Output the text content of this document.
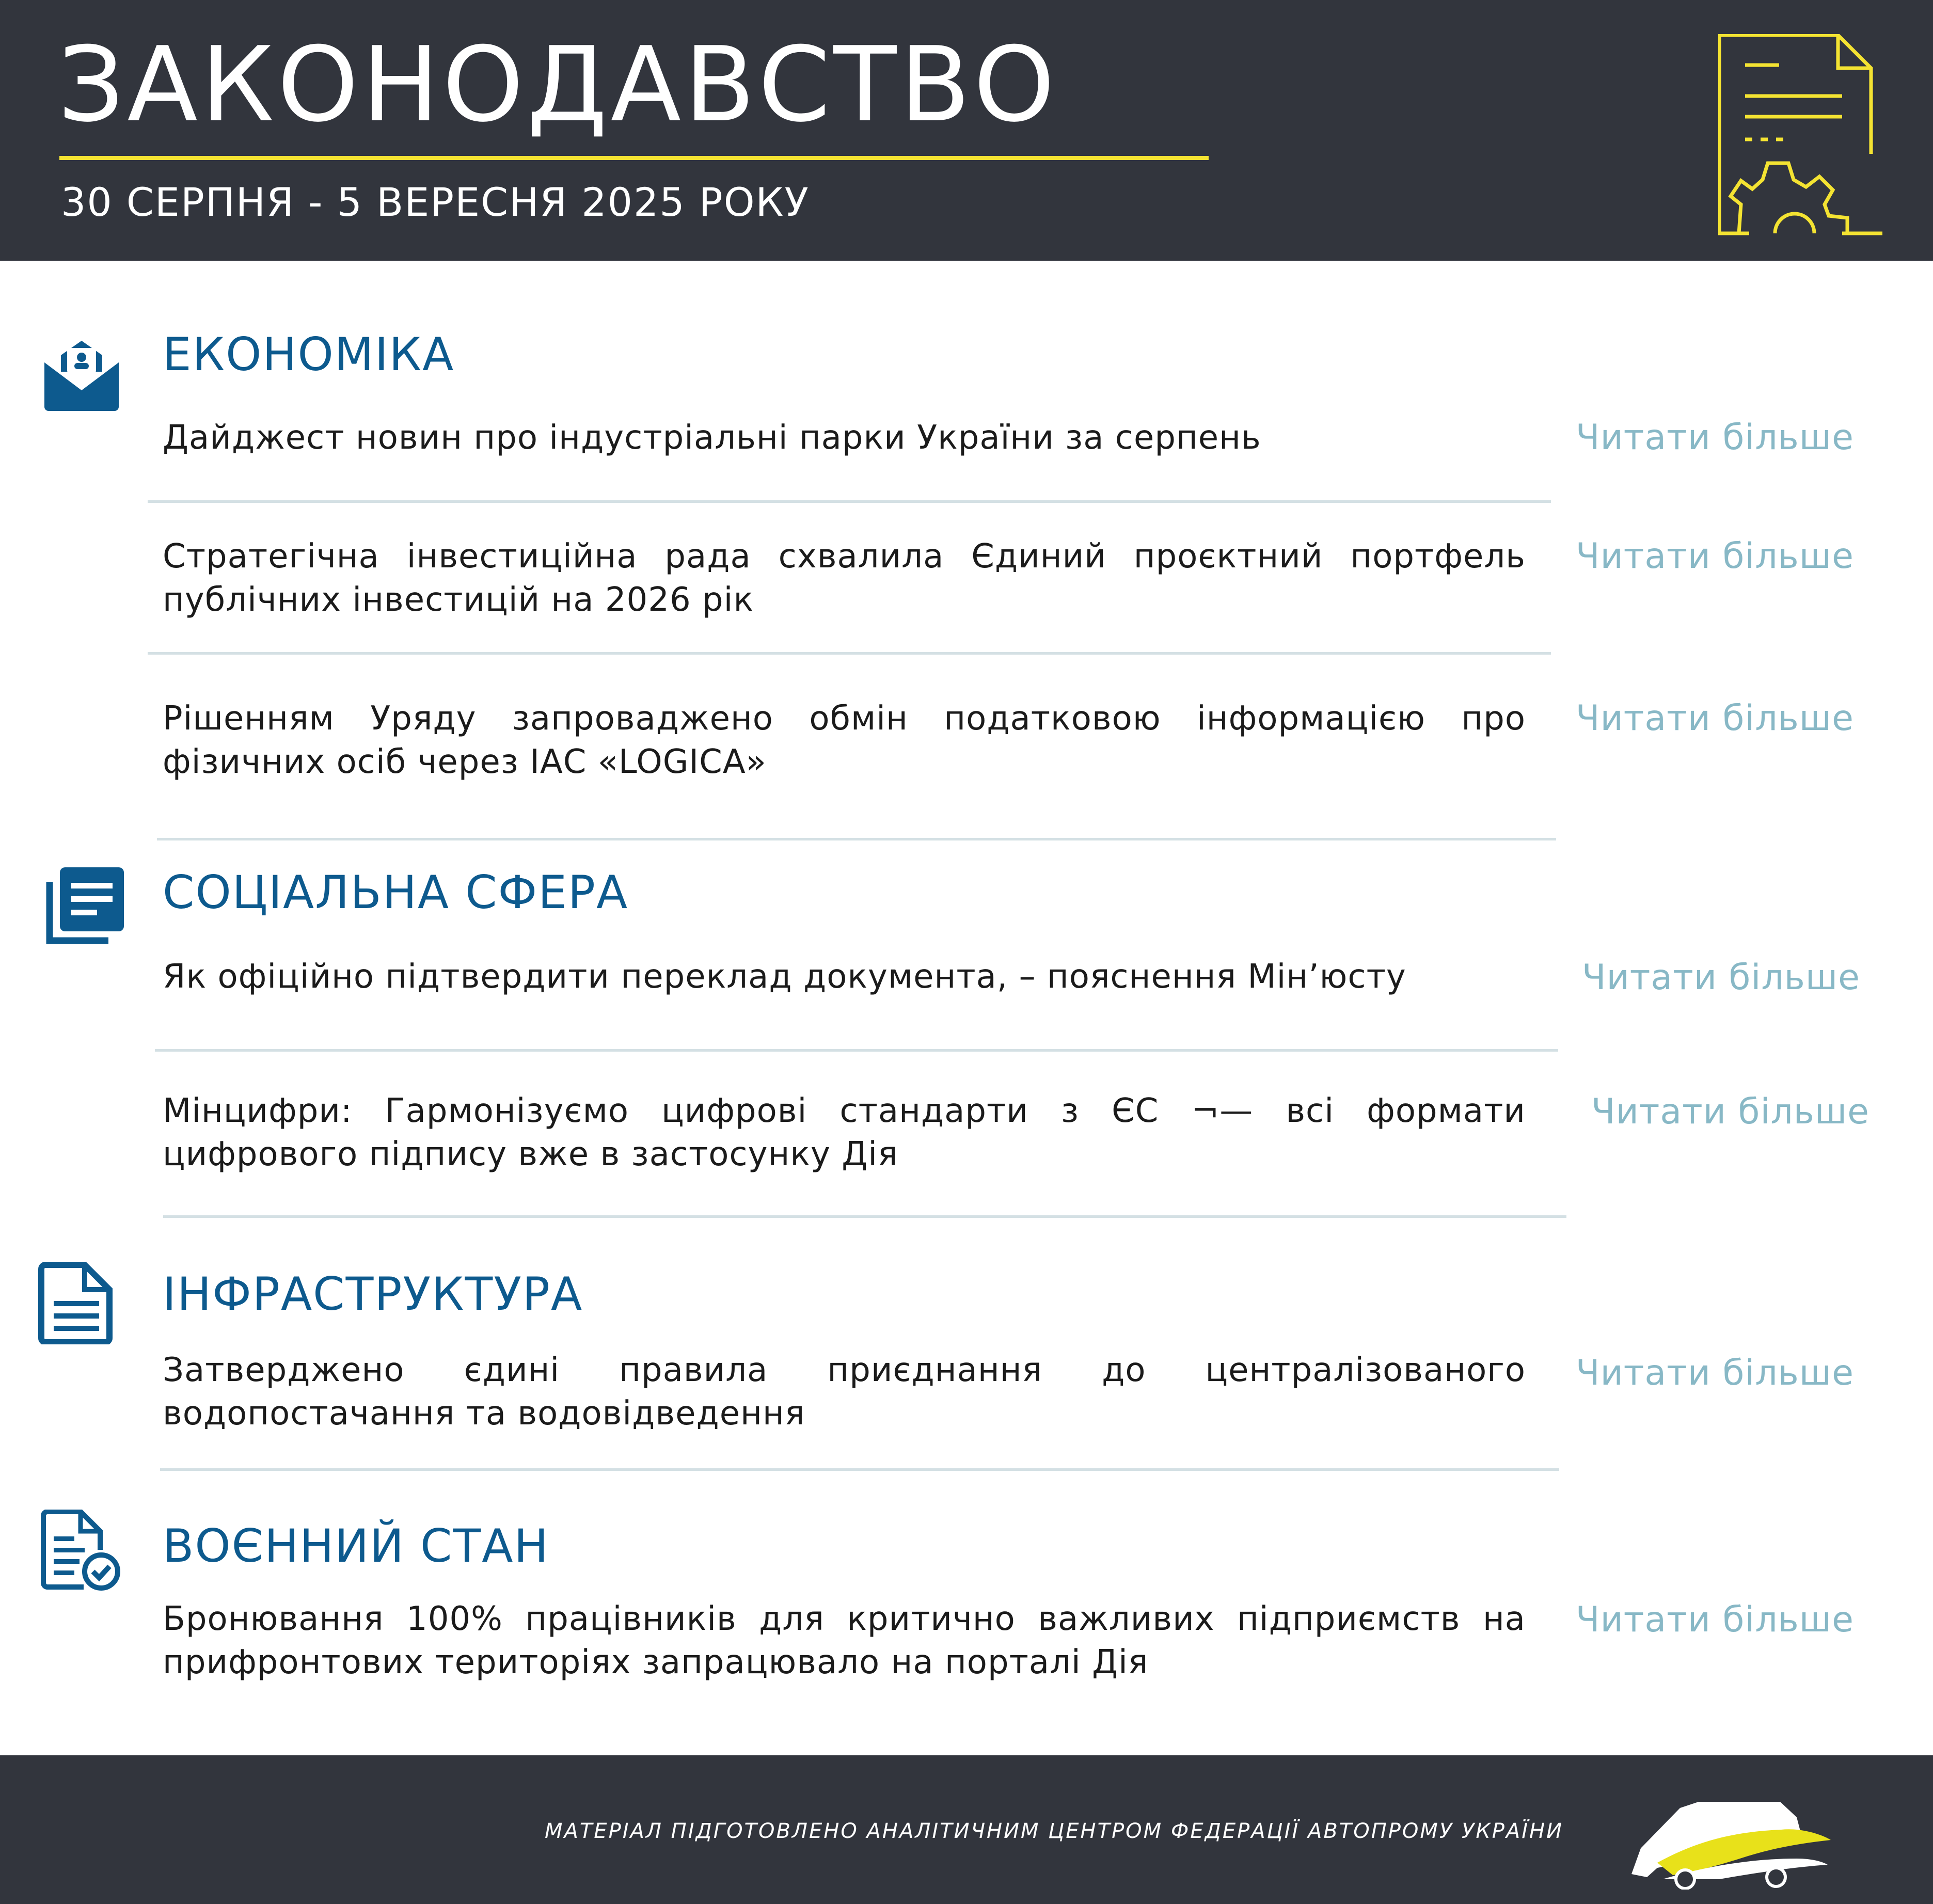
ЗАКОНОДАВСТВО
30 СЕРПНЯ - 5 ВЕРЕСНЯ 2025 РОКУ
ЕКОНОМІКА
Дайджест новин про індустріальні парки України за серпень	Читати більше
Стратегічна інвестиційна рада схвалила Єдиний проєктний портфель публічних інвестицій на 2026 рік
Читати більше
Рішенням Уряду запроваджено обмін податковою інформацією про фізичних осіб через ІАС «LOGICA»
Читати більше
СОЦІАЛЬНА СФЕРА
Як офіційно підтвердити переклад документа, – пояснення Мін’юсту	Читати більше
Мінцифри: Гармонізуємо цифрові стандарти з ЄС ¬— всі формати цифрового підпису вже в застосунку Дія
Читати більше
ІНФРАСТРУКТУРА
Затверджено єдині правила приєднання до централізованого водопостачання та водовідведення
Читати більше
ВОЄННИЙ СТАН
Бронювання 100% працівників для критично важливих підприємств на прифронтових територіях запрацювало на порталі Дія
Читати більше
МАТЕРІАЛ ПІДГОТОВЛЕНО АНАЛІТИЧНИМ ЦЕНТРОМ ФЕДЕРАЦІЇ АВТОПРОМУ УКРАЇНИ
